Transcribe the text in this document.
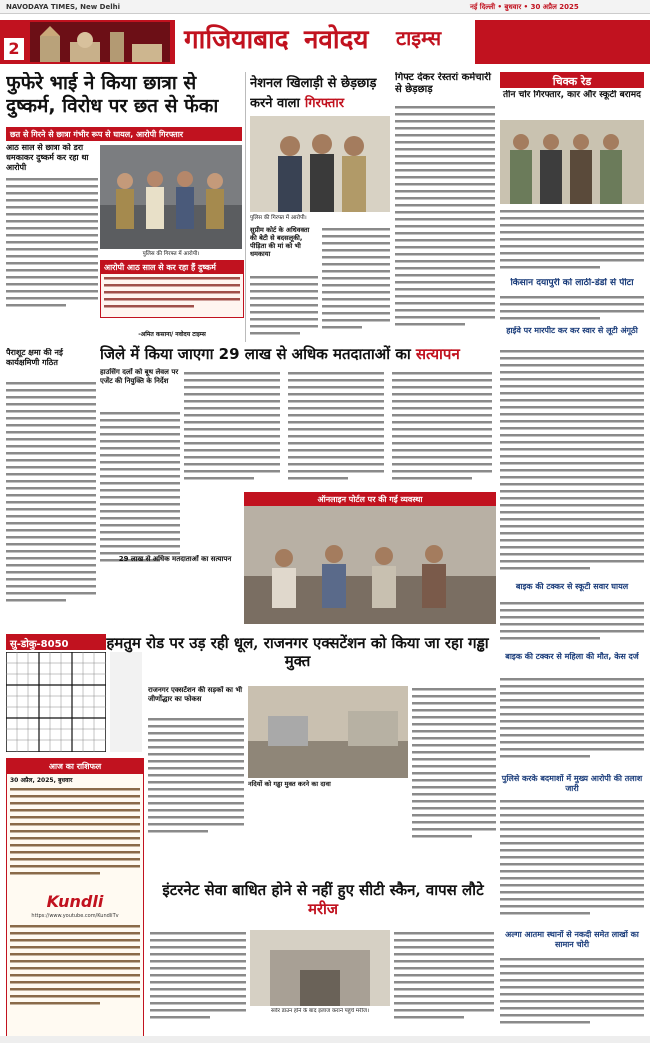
NAVODAYA TIMES, New Delhi	नई दिल्ली • बुधवार • 30 अप्रैल 2025
2	गाजियाबाद नवोदय टाइम्स
फुफेरे भाई ने किया छात्रा से दुष्कर्म, विरोध पर छत से फेंका
छत से गिरने से छात्रा गंभीर रूप से घायल, आरोपी गिरफ्तार
आठ साल से छात्रा को डरा धमकाकर दुष्कर्म कर रहा था आरोपी
पुलिस की गिरफ्त में आरोपी।
आरोपी आठ साल से कर रहा हैं दुष्कर्म
-अमित कसाना/ नवोदय टाइम्स
नेशनल खिलाड़ी से छेड़छाड़ करने वाला गिरफ्तार
पुलिस की गिरफ्त में आरोपी।
सुप्रीम कोर्ट के अधिवक्ता की बेटी से बदसलूकी, पीड़िता की मां को भी धमकाया
गिफ्ट देकर रेस्तरां कर्मचारी से छेड़छाड़
चिक्क रेड
तीन चोर गिरफ्तार, कार और स्कूटी बरामद
किसान दयापुरी को लाठी-डंडों से पीटा
हाईवे पर मारपीट कर कर स्वार से लूटी अंगूठी
जिले में किया जाएगा 29 लाख से अधिक मतदाताओं का सत्यापन
पैराशूट क्षमा की नई कार्यक्षमिणी गठित
हाउसिंग दलों को बूथ लेवल पर एजेंट की नियुक्ति के निर्देश
29 लाख से अधिक मतदाताओं का सत्यापन
ऑनलाइन पोर्टल पर की गई व्यवस्था
बाइक की टक्कर से स्कूटी सवार घायल
बाइक की टक्कर से महिला की मौत, केस दर्ज
पुलिसे करके बदमाशों में मुख्य आरोपी की तलाश जारी
अल्गा आतमा स्थानों से नकदी समेत लाखों का सामान चोरी
सु-डोकु-8050	हमतुम रोड पर उड़ रही धूल, राजनगर एक्सटेंशन को किया जा रहा गड्ढा मुक्त
राजनगर एक्सटेंशन की सड़कों का भी जीर्णोद्धार का फोकस
नदियों को गड्ढा मुक्त करने का दावा
आज का राशिफल
30 अप्रैल, 2025, बुधवार
Kundli
https://www.youtube.com/KundliTv
इंटरनेट सेवा बाधित होने से नहीं हुए सीटी स्कैन, वापस लौटे मरीज
सर्वर डाउन होने के बाद इलाज कराने पहुंचे मरीज।
